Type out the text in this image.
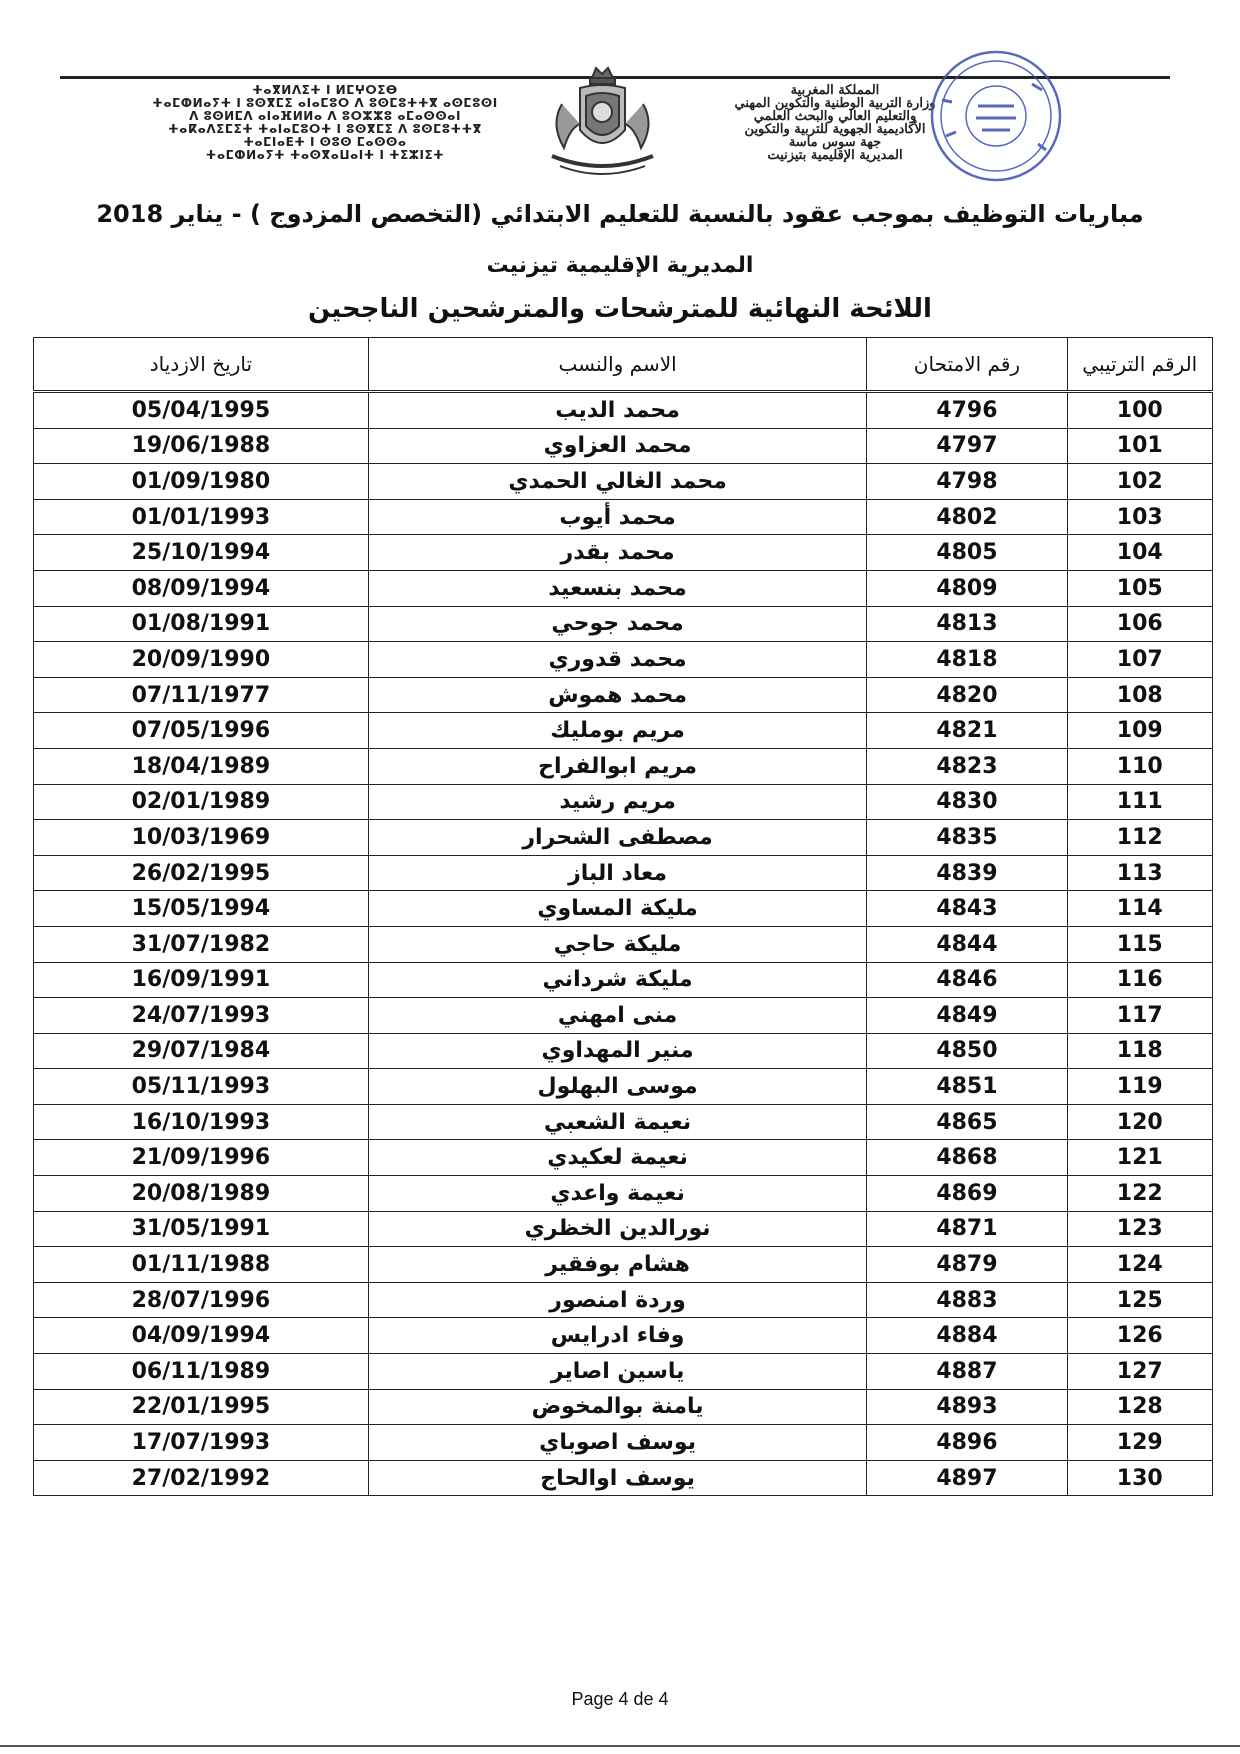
ⵜⴰⴳⵍⴷⵉⵜ ⵏ ⵍⵎⵖⵔⵉⴱ
ⵜⴰⵎⵀⵍⴰⵢⵜ ⵏ ⵓⵙⴳⵎⵉ ⴰⵏⴰⵎⵓⵔ ⴷ ⵓⵙⵎⵓⵜⵜⴳ ⴰⵙⵎⵓⵙⵏ
ⴷ ⵓⵙⵍⵎⴷ ⴰⵏⴰⴼⵍⵍⴰ ⴷ ⵓⵔⵣⵣⵓ ⴰⵎⴰⵙⵙⴰⵏ
ⵜⴰⴽⴰⴷⵉⵎⵉⵜ ⵜⴰⵏⴰⵎⵓⵔⵜ ⵏ ⵓⵙⴳⵎⵉ ⴷ ⵓⵙⵎⵓⵜⵜⴳ
ⵜⴰⵎⵏⴰⴹⵜ ⵏ ⵙⵓⵙ ⵎⴰⵙⵙⴰ
ⵜⴰⵎⵀⵍⴰⵢⵜ ⵜⴰⵙⴳⴰⵡⴰⵏⵜ ⵏ ⵜⵉⵣⵏⵉⵜ
المملكة المغربية
وزارة التربية الوطنية والتكوين المهني
والتعليم العالي والبحث العلمي
الأكاديمية الجهوية للتربية والتكوين
جهة سوس ماسة
المديرية الإقليمية بتيزنيت
مباريات التوظيف بموجب عقود بالنسبة للتعليم الابتدائي (التخصص المزدوج ) - يناير 2018
المديرية الإقليمية تيزنيت
اللائحة النهائية للمترشحات والمترشحين الناجحين
الرقم الترتيبي	رقم الامتحان	الاسم والنسب	تاريخ الازدياد
100	4796	محمد الديب	05/04/1995
101	4797	محمد العزاوي	19/06/1988
102	4798	محمد الغالي الحمدي	01/09/1980
103	4802	محمد أيوب	01/01/1993
104	4805	محمد بقدر	25/10/1994
105	4809	محمد بنسعيد	08/09/1994
106	4813	محمد جوحي	01/08/1991
107	4818	محمد قدوري	20/09/1990
108	4820	محمد هموش	07/11/1977
109	4821	مريم بومليك	07/05/1996
110	4823	مريم ابوالفراح	18/04/1989
111	4830	مريم رشيد	02/01/1989
112	4835	مصطفى الشحرار	10/03/1969
113	4839	معاد الباز	26/02/1995
114	4843	مليكة المساوي	15/05/1994
115	4844	مليكة حاجي	31/07/1982
116	4846	مليكة شرداني	16/09/1991
117	4849	منى امهني	24/07/1993
118	4850	منير المهداوي	29/07/1984
119	4851	موسى البهلول	05/11/1993
120	4865	نعيمة الشعبي	16/10/1993
121	4868	نعيمة لعكيدي	21/09/1996
122	4869	نعيمة واعدي	20/08/1989
123	4871	نورالدين الخظري	31/05/1991
124	4879	هشام بوفقير	01/11/1988
125	4883	وردة امنصور	28/07/1996
126	4884	وفاء ادرايس	04/09/1994
127	4887	ياسين اصاير	06/11/1989
128	4893	يامنة بوالمخوض	22/01/1995
129	4896	يوسف اصوباي	17/07/1993
130	4897	يوسف اوالحاج	27/02/1992
Page 4 de 4
